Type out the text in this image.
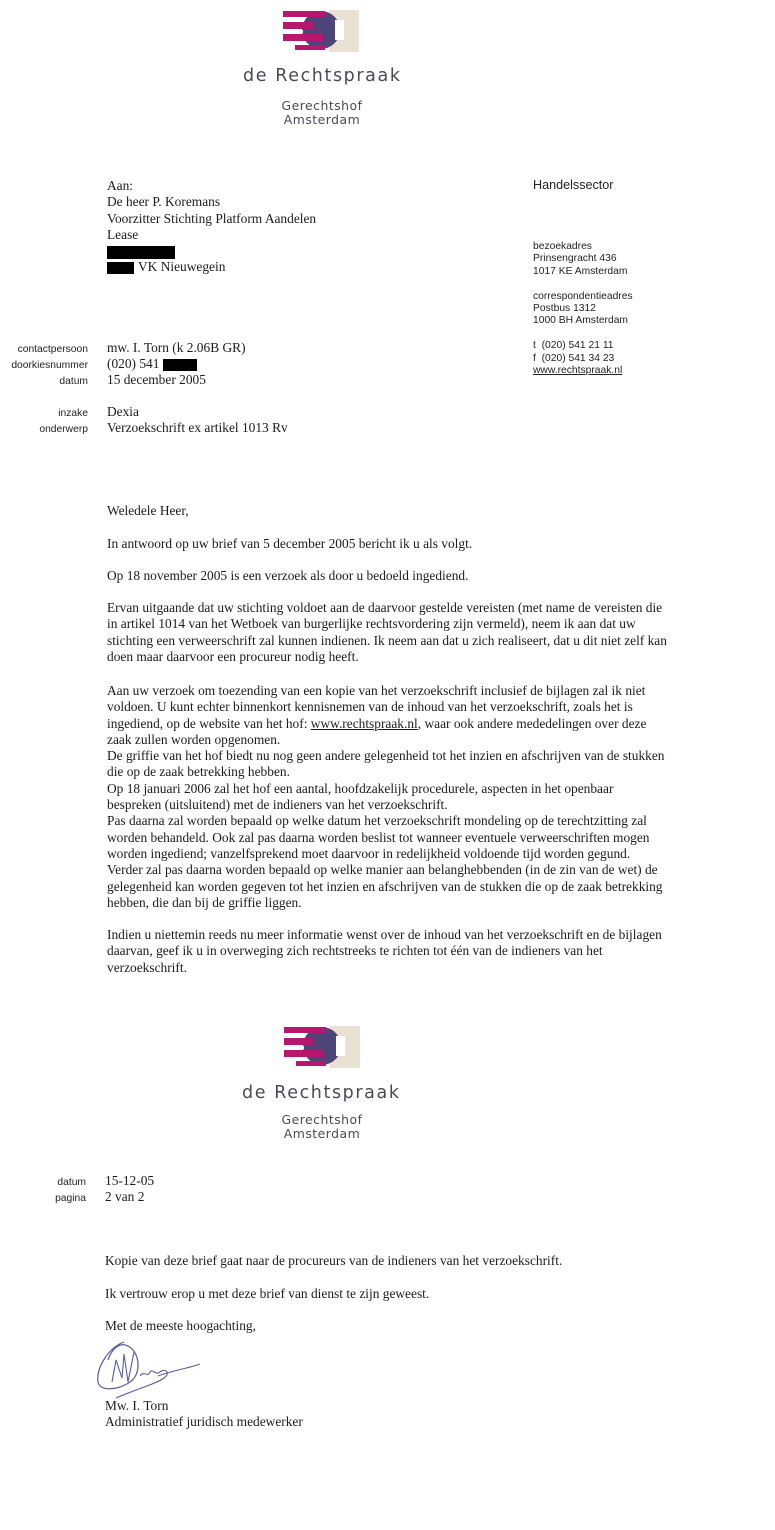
de Rechtspraak
Gerechtshof
Amsterdam
Aan:
De heer P. Koremans
Voorzitter Stichting Platform Aandelen
Lease
VK Nieuwegein
Handelssector
bezoekadres
Prinsengracht 436
1017 KE Amsterdam
correspondentieadres
Postbus 1312
1000 BH Amsterdam
t  (020) 541 21 11
f  (020) 541 34 23
www.rechtspraak.nl
contactpersoon mw. I. Torn (k 2.06B GR)
doorkiesnummer (020) 541
datum 15 december 2005
inzake Dexia
onderwerp Verzoekschrift ex artikel 1013 Rv
Weledele Heer,
In antwoord op uw brief van 5 december 2005 bericht ik u als volgt.
Op 18 november 2005 is een verzoek als door u bedoeld ingediend.
Ervan uitgaande dat uw stichting voldoet aan de daarvoor gestelde vereisten (met name de vereisten die
in artikel 1014 van het Wetboek van burgerlijke rechtsvordering zijn vermeld), neem ik aan dat uw
stichting een verweerschrift zal kunnen indienen. Ik neem aan dat u zich realiseert, dat u dit niet zelf kan
doen maar daarvoor een procureur nodig heeft.
Aan uw verzoek om toezending van een kopie van het verzoekschrift inclusief de bijlagen zal ik niet
voldoen. U kunt echter binnenkort kennisnemen van de inhoud van het verzoekschrift, zoals het is
ingediend, op de website van het hof: www.rechtspraak.nl, waar ook andere mededelingen over deze
zaak zullen worden opgenomen.
De griffie van het hof biedt nu nog geen andere gelegenheid tot het inzien en afschrijven van de stukken
die op de zaak betrekking hebben.
Op 18 januari 2006 zal het hof een aantal, hoofdzakelijk procedurele, aspecten in het openbaar
bespreken (uitsluitend) met de indieners van het verzoekschrift.
Pas daarna zal worden bepaald op welke datum het verzoekschrift mondeling op de terechtzitting zal
worden behandeld. Ook zal pas daarna worden beslist tot wanneer eventuele verweerschriften mogen
worden ingediend; vanzelfsprekend moet daarvoor in redelijkheid voldoende tijd worden gegund.
Verder zal pas daarna worden bepaald op welke manier aan belanghebbenden (in de zin van de wet) de
gelegenheid kan worden gegeven tot het inzien en afschrijven van de stukken die op de zaak betrekking
hebben, die dan bij de griffie liggen.
Indien u niettemin reeds nu meer informatie wenst over de inhoud van het verzoekschrift en de bijlagen
daarvan, geef ik u in overweging zich rechtstreeks te richten tot één van de indieners van het
verzoekschrift.
de Rechtspraak
Gerechtshof
Amsterdam
datum 15-12-05
pagina 2 van 2
Kopie van deze brief gaat naar de procureurs van de indieners van het verzoekschrift.
Ik vertrouw erop u met deze brief van dienst te zijn geweest.
Met de meeste hoogachting,
Mw. I. Torn
Administratief juridisch medewerker
